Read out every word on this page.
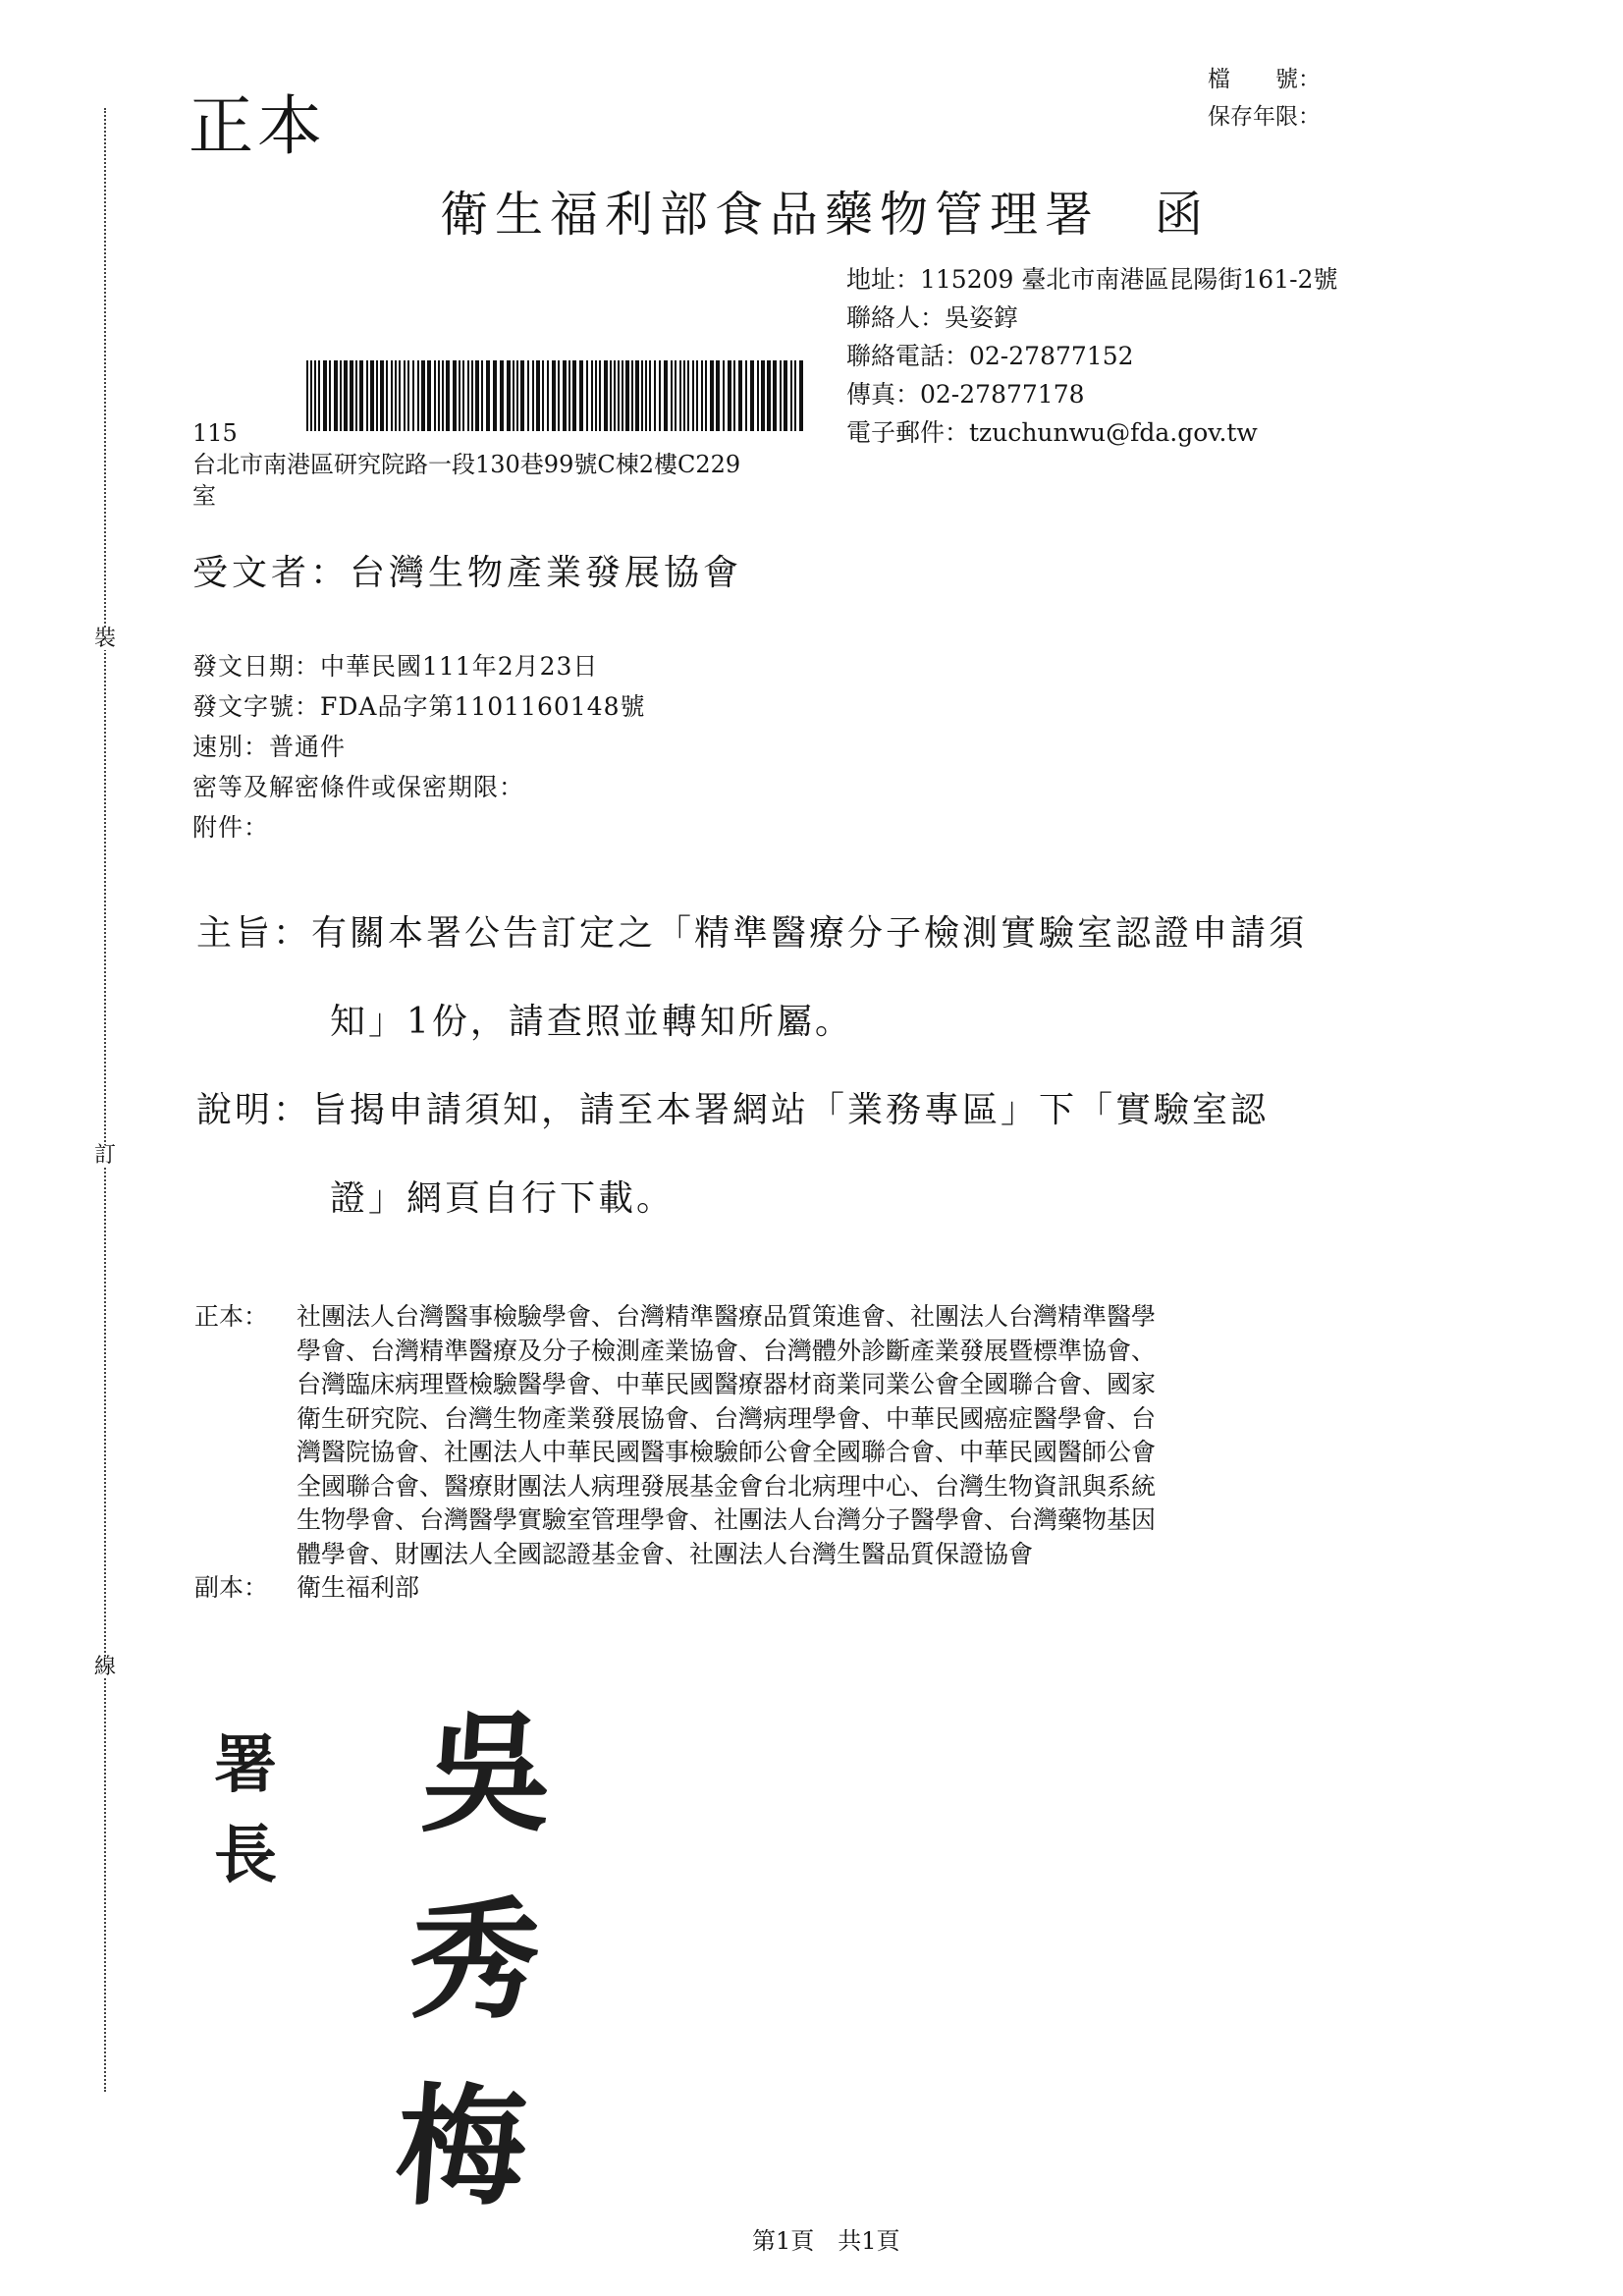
裝
訂
線
正本
檔　　號：
保存年限：
衛生福利部食品藥物管理署　函
地址：115209 臺北市南港區昆陽街161-2號
聯絡人：吳姿錞
聯絡電話：02-27877152
傳真：02-27877178
電子郵件：tzuchunwu@fda.gov.tw
115
台北市南港區研究院路一段130巷99號C棟2樓C229
室
受文者：台灣生物產業發展協會
發文日期：中華民國111年2月23日
發文字號：FDA品字第1101160148號
速別：普通件
密等及解密條件或保密期限：
附件：
主旨：有關本署公告訂定之「精準醫療分子檢測實驗室認證申請須
知」1份，請查照並轉知所屬。
說明：旨揭申請須知，請至本署網站「業務專區」下「實驗室認
證」網頁自行下載。
正本：	社團法人台灣醫事檢驗學會、台灣精準醫療品質策進會、社團法人台灣精準醫學
學會、台灣精準醫療及分子檢測產業協會、台灣體外診斷產業發展暨標準協會、
台灣臨床病理暨檢驗醫學會、中華民國醫療器材商業同業公會全國聯合會、國家
衛生研究院、台灣生物產業發展協會、台灣病理學會、中華民國癌症醫學會、台
灣醫院協會、社團法人中華民國醫事檢驗師公會全國聯合會、中華民國醫師公會
全國聯合會、醫療財團法人病理發展基金會台北病理中心、台灣生物資訊與系統
生物學會、台灣醫學實驗室管理學會、社團法人台灣分子醫學會、台灣藥物基因
體學會、財團法人全國認證基金會、社團法人台灣生醫品質保證協會
副本：	衛生福利部
署長
吳秀梅
第1頁　共1頁
